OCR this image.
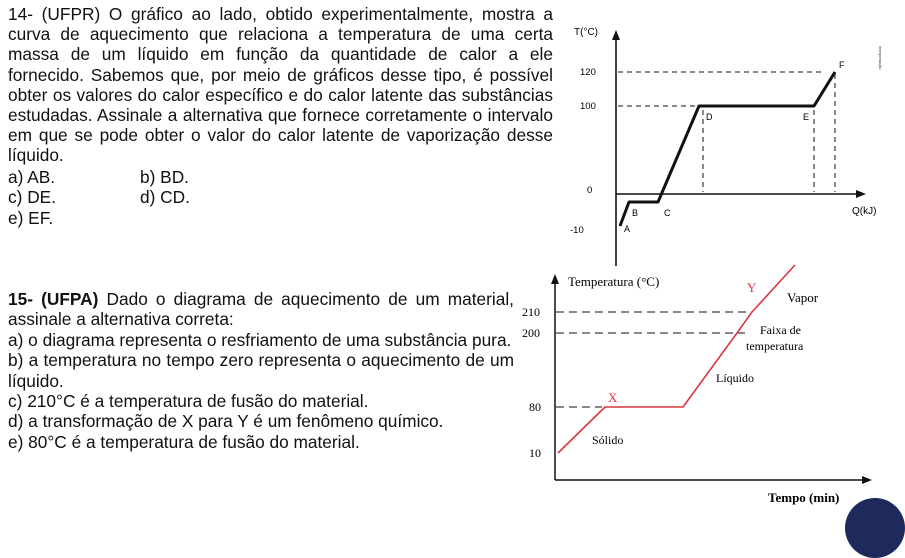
14- (UFPR) O gráfico ao lado, obtido experimentalmente, mostra a curva de aquecimento que relaciona a temperatura de uma certa massa de um líquido em função da quantidade de calor a ele fornecido. Sabemos que, por meio de gráficos desse tipo, é possível obter os valores do calor específico e do calor latente das substâncias estudadas. Assinale a alternativa que fornece corretamente o intervalo em que se pode obter o valor do calor latente de vaporização desse líquido.

a) AB.	b) BD.
c) DE.	d) CD.
e) EF.
T(°C)
Q(kJ)
120
100
0
-10	A
B	C
D	E
F	Interpretação

15- (UFPA) Dado o diagrama de aquecimento de um material, assinale a alternativa correta:

a) o diagrama representa o resfriamento de uma substância pura.

b) a temperatura no tempo zero representa o aquecimento de um líquido.

c) 210°C é a temperatura de fusão do material.

d) a transformação de X para Y é um fenômeno químico.

e) 80°C é a temperatura de fusão do material.

Temperatura (°C)
Tempo (min)
210
200
80
10
X
Y
Sólido
Líquido
Faixa de
temperatura
Vapor
